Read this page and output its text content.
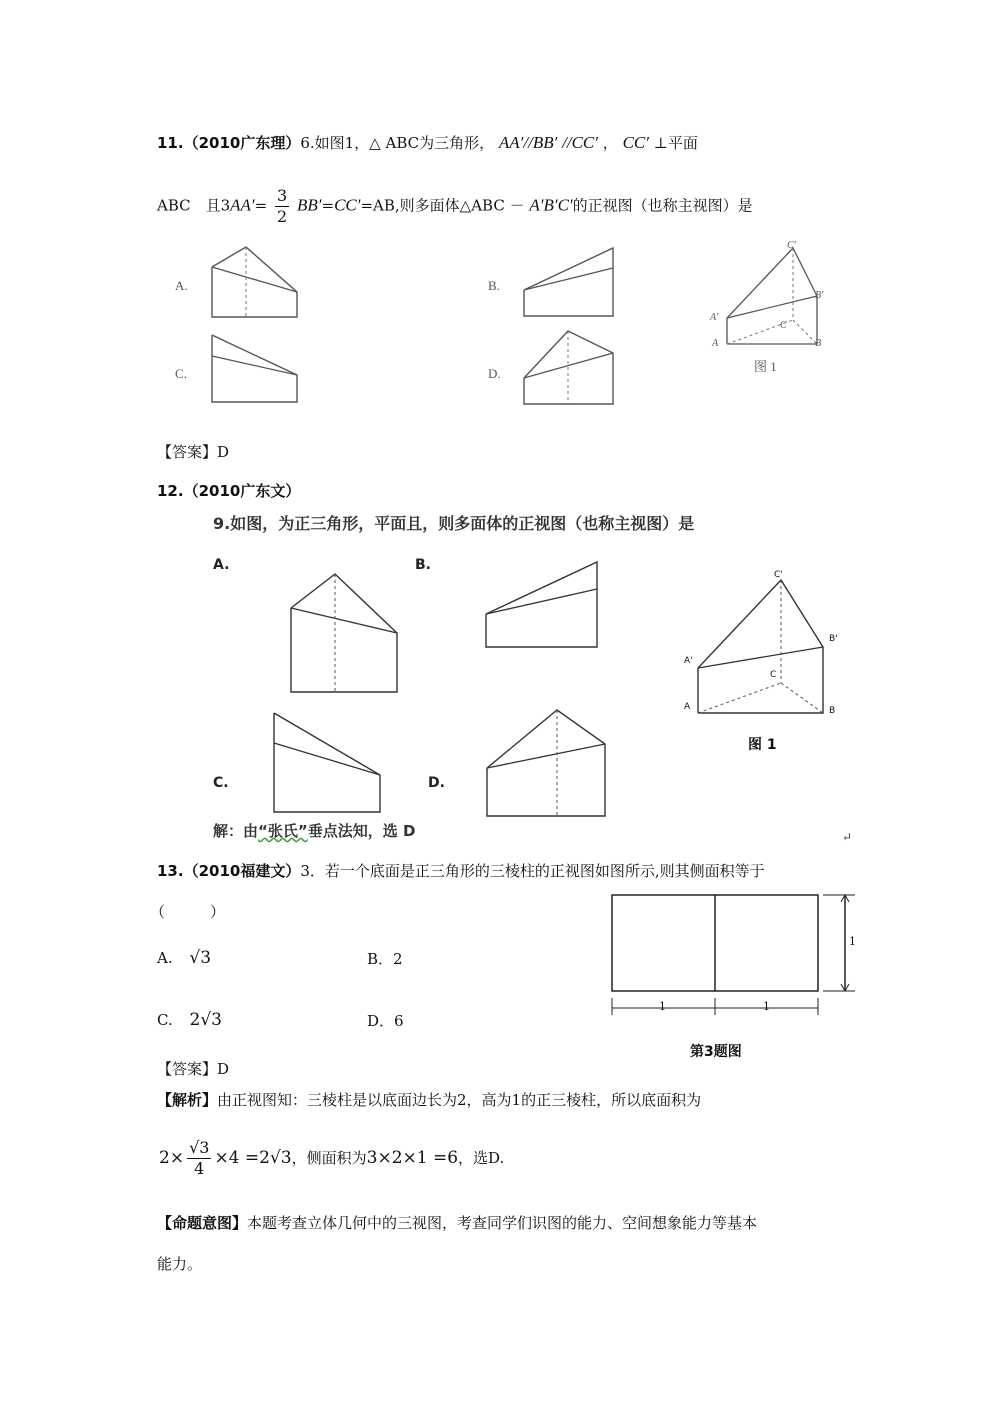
11.（2010广东理）6.如图1，△ ABC为三角形， AA′//BB′ //CC′ ， CC′ ⊥平面
ABC　且$3AA'= \frac{3}{2} BB'=CC'=AB$,则多面体△ABC － A′B′C′的正视图（也称主视图）是
A.	B.
C.	D.
C′
B′
A′
C
A	B
图 1
【答案】D
12.（2010广东文）
9.如图，为正三角形，平面且，则多面体的正视图（也称主视图）是
A.	B.
C.	D.
C'
B'
A'
C
A	B
图 1
解：由“张氏”垂点法知，选 D	↵
13.（2010福建文）3．若一个底面是正三角形的三棱柱的正视图如图所示,则其侧面积等于
（　　　）
A. √3	B．2
C. 2√3	D．6
1	1
1
第3题图
【答案】D
【解析】由正视图知：三棱柱是以底面边长为2，高为1的正三棱柱，所以底面积为
$2\times \frac{√3}{4} \times 4 =2√3$，侧面积为3×2×1 =6，选D.
【命题意图】本题考查立体几何中的三视图，考查同学们识图的能力、空间想象能力等基本
能力。
